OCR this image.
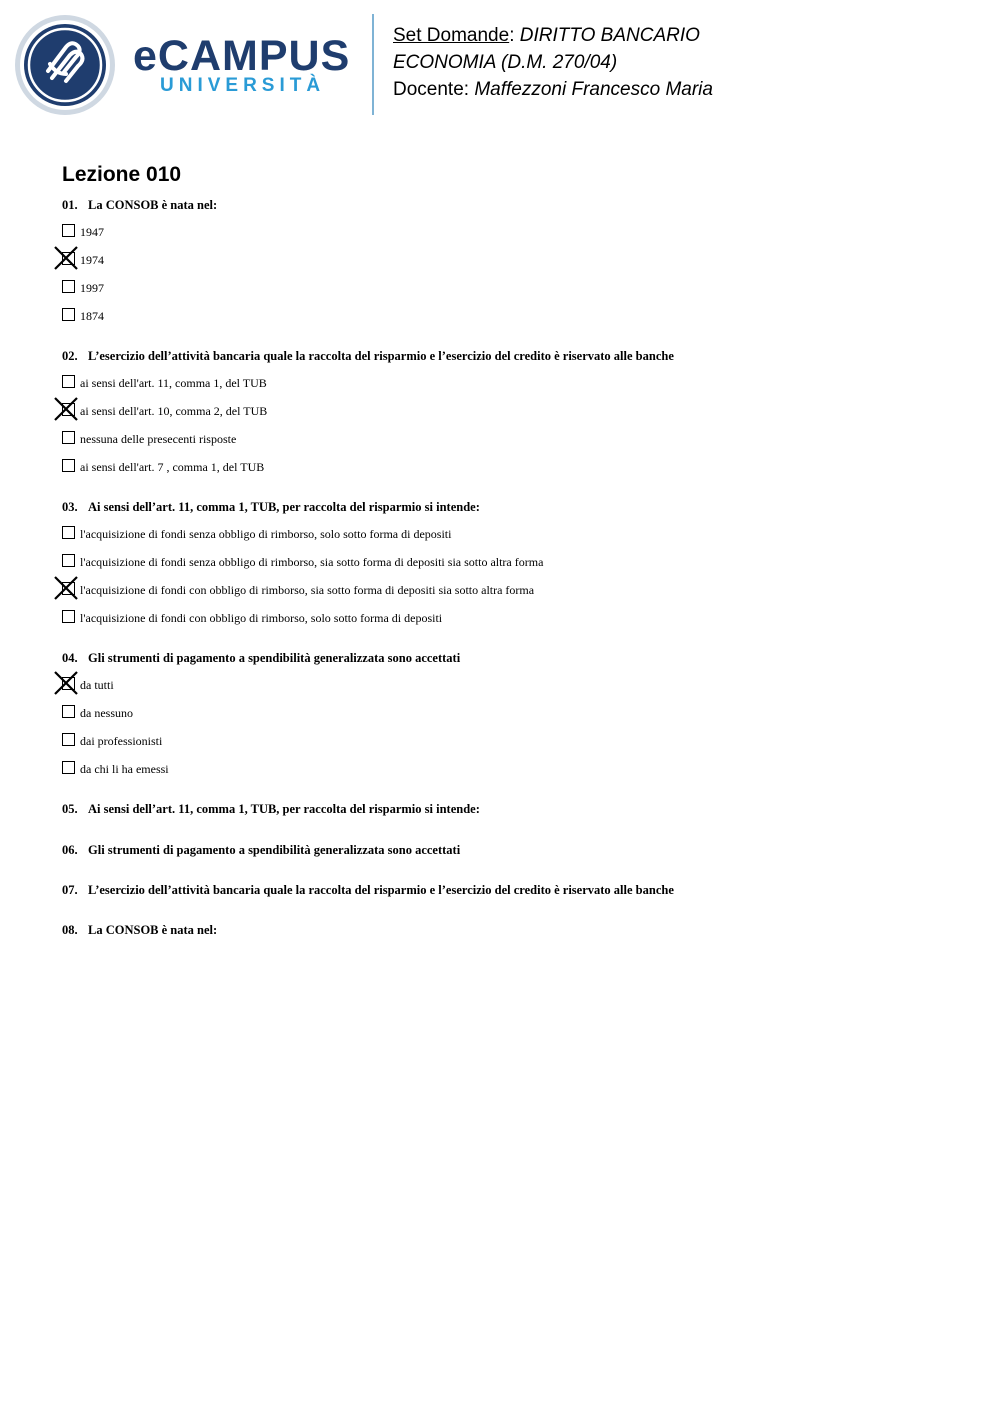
eCAMPUS
UNIVERSITÀ
Set Domande: DIRITTO BANCARIO
ECONOMIA (D.M. 270/04)
Docente: Maffezzoni Francesco Maria
Lezione 010
01. La CONSOB è nata nel:
1947
1974
1997
1874
02. L’esercizio dell’attività bancaria quale la raccolta del risparmio e l’esercizio del credito è riservato alle banche
ai sensi dell'art. 11, comma 1, del TUB
ai sensi dell'art. 10, comma 2, del TUB
nessuna delle presecenti risposte
ai sensi dell'art. 7 , comma 1, del TUB
03. Ai sensi dell’art. 11, comma 1, TUB, per raccolta del risparmio si intende:
l'acquisizione di fondi senza obbligo di rimborso, solo sotto forma di depositi
l'acquisizione di fondi senza obbligo di rimborso, sia sotto forma di depositi sia sotto altra forma
l'acquisizione di fondi con obbligo di rimborso, sia sotto forma di depositi sia sotto altra forma
l'acquisizione di fondi con obbligo di rimborso, solo sotto forma di depositi
04. Gli strumenti di pagamento a spendibilità generalizzata sono accettati
da tutti
da nessuno
dai professionisti
da chi li ha emessi
05. Ai sensi dell’art. 11, comma 1, TUB, per raccolta del risparmio si intende:
06. Gli strumenti di pagamento a spendibilità generalizzata sono accettati
07. L’esercizio dell’attività bancaria quale la raccolta del risparmio e l’esercizio del credito è riservato alle banche
08. La CONSOB è nata nel:
